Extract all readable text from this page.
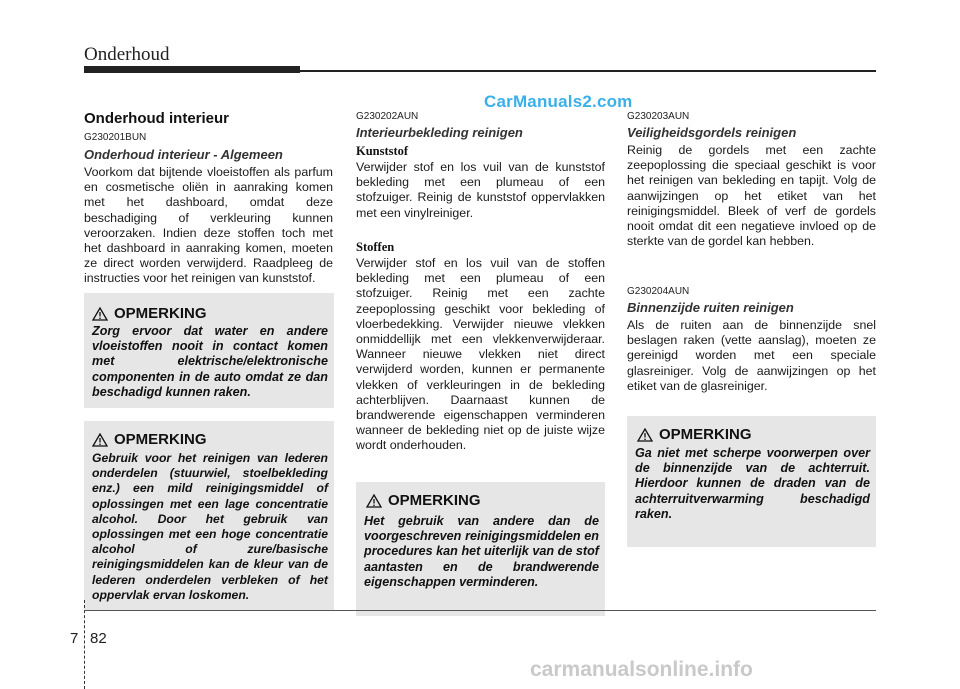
Onderhoud
CarManuals2.com
Onderhoud interieur
G230201BUN
Onderhoud interieur - Algemeen
Voorkom dat bijtende vloeistoffen als parfum en cosmetische oliën in aanraking komen met het dashboard, omdat deze beschadiging of verkleuring kunnen veroorzaken. Indien deze stoffen toch met het dashboard in aanraking komen, moeten ze direct worden verwijderd. Raadpleeg de instructies voor het reinigen van kunststof.
OPMERKING
Zorg ervoor dat water en andere vloeistoffen nooit in contact komen met elektrische/elektronische componenten in de auto omdat ze dan beschadigd kunnen raken.
OPMERKING
Gebruik voor het reinigen van lederen onderdelen (stuurwiel, stoelbekleding enz.) een mild reinigingsmiddel of oplossingen met een lage concentratie alcohol. Door het gebruik van oplossingen met een hoge concentratie alcohol of zure/basische reinigingsmiddelen kan de kleur van de lederen onderdelen verbleken of het oppervlak ervan loskomen.
G230202AUN
Interieurbekleding reinigen
Kunststof
Verwijder stof en los vuil van de kunststof bekleding met een plumeau of een stofzuiger. Reinig de kunststof oppervlakken met een vinylreiniger.
Stoffen
Verwijder stof en los vuil van de stoffen bekleding met een plumeau of een stofzuiger. Reinig met een zachte zeepoplossing geschikt voor bekleding of vloerbedekking. Verwijder nieuwe vlekken onmiddellijk met een vlekkenverwijderaar. Wanneer nieuwe vlekken niet direct verwijderd worden, kunnen er permanente vlekken of verkleuringen in de bekleding achterblijven. Daarnaast kunnen de brandwerende eigenschappen verminderen wanneer de bekleding niet op de juiste wijze wordt onderhouden.
OPMERKING
Het gebruik van andere dan de voorgeschreven reinigingsmiddelen en procedures kan het uiterlijk van de stof aantasten en de brandwerende eigenschappen verminderen.
G230203AUN
Veiligheidsgordels reinigen
Reinig de gordels met een zachte zeepoplossing die speciaal geschikt is voor het reinigen van bekleding en tapijt. Volg de aanwijzingen op het etiket van het reinigingsmiddel. Bleek of verf de gordels nooit omdat dit een negatieve invloed op de sterkte van de gordel kan hebben.
G230204AUN
Binnenzijde ruiten reinigen
Als de ruiten aan de binnenzijde snel beslagen raken (vette aanslag), moeten ze gereinigd worden met een speciale glasreiniger. Volg de aanwijzingen op het etiket van de glasreiniger.
OPMERKING
Ga niet met scherpe voorwerpen over de binnenzijde van de achterruit. Hierdoor kunnen de draden van de achterruitverwarming beschadigd raken.
7 82
carmanualsonline.info
